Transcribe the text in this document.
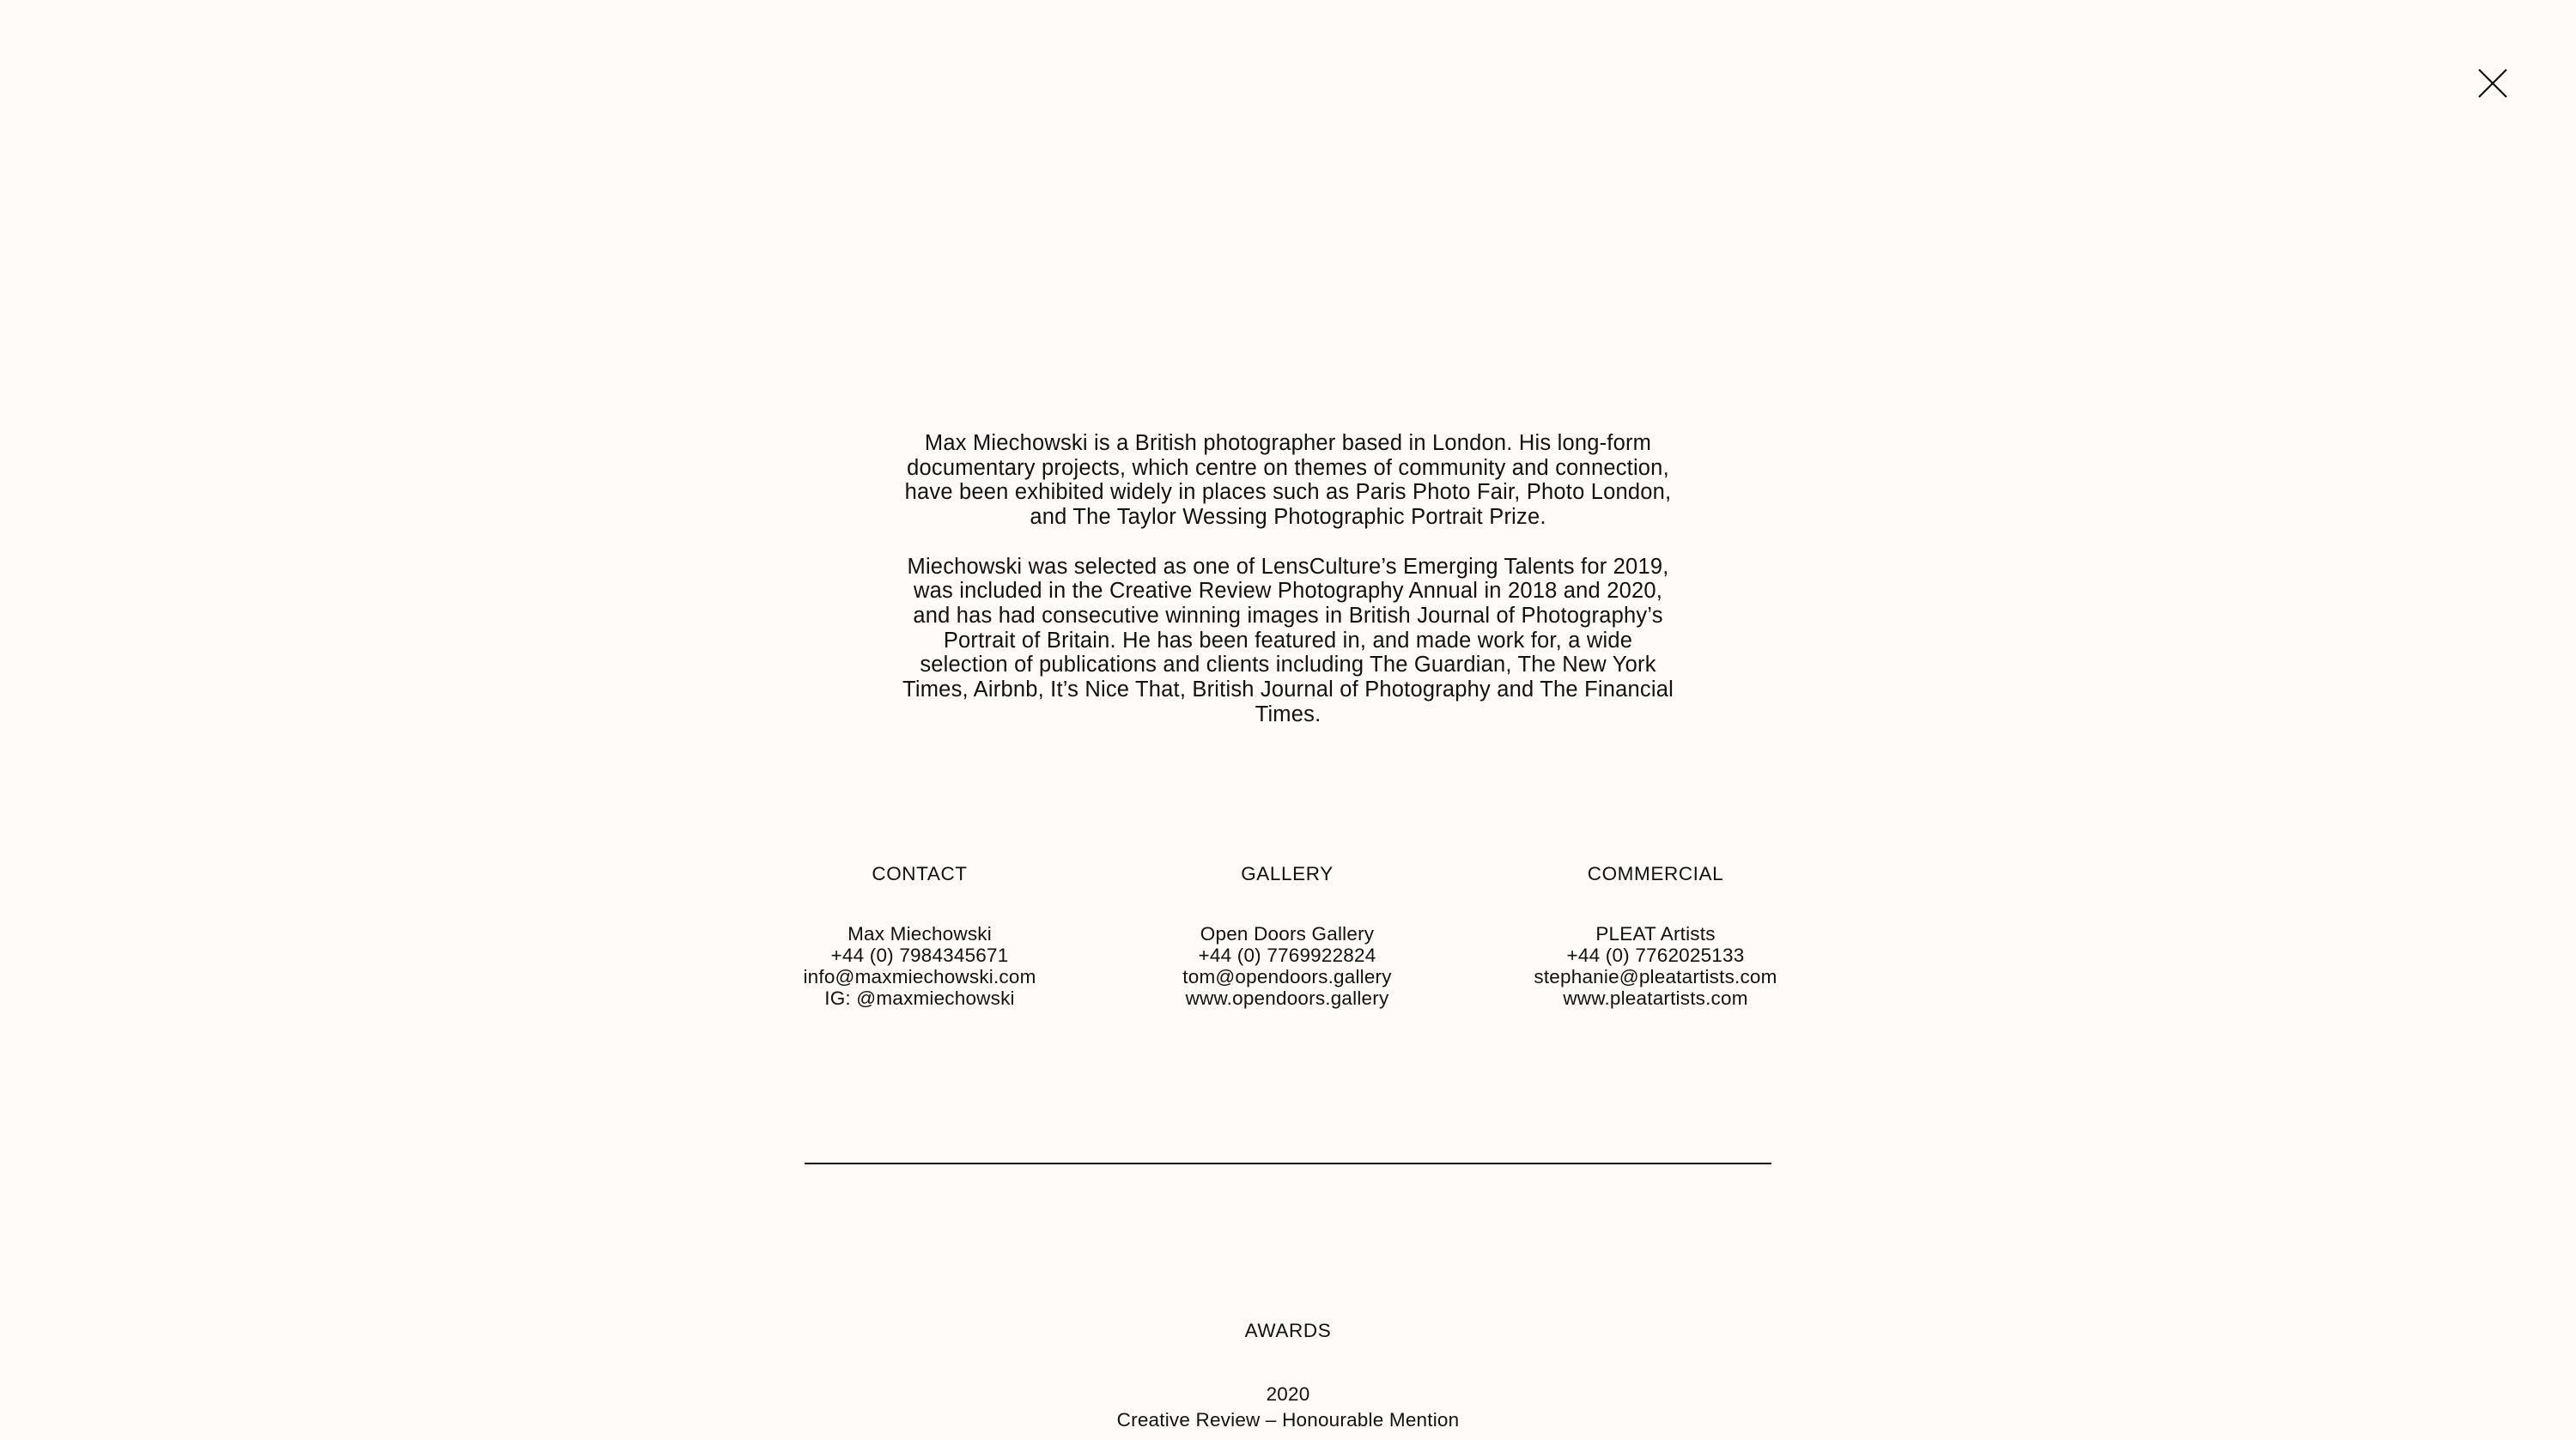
Max Miechowski is a British photographer based in London. His long-form
documentary projects, which centre on themes of community and connection,
have been exhibited widely in places such as Paris Photo Fair, Photo London,
and The Taylor Wessing Photographic Portrait Prize.

Miechowski was selected as one of LensCulture’s Emerging Talents for 2019,
was included in the Creative Review Photography Annual in 2018 and 2020,
and has had consecutive winning images in British Journal of Photography’s
Portrait of Britain. He has been featured in, and made work for, a wide
selection of publications and clients including The Guardian, The New York
Times, Airbnb, It’s Nice That, British Journal of Photography and The Financial
Times.

CONTACT
Max Miechowski
+44 (0) 7984345671
info@maxmiechowski.com
IG: @maxmiechowski
GALLERY
Open Doors Gallery
+44 (0) 7769922824
tom@opendoors.gallery
www.opendoors.gallery
COMMERCIAL
PLEAT Artists
+44 (0) 7762025133
stephanie@pleatartists.com
www.pleatartists.com
AWARDS
2020
Creative Review – Honourable Mention
